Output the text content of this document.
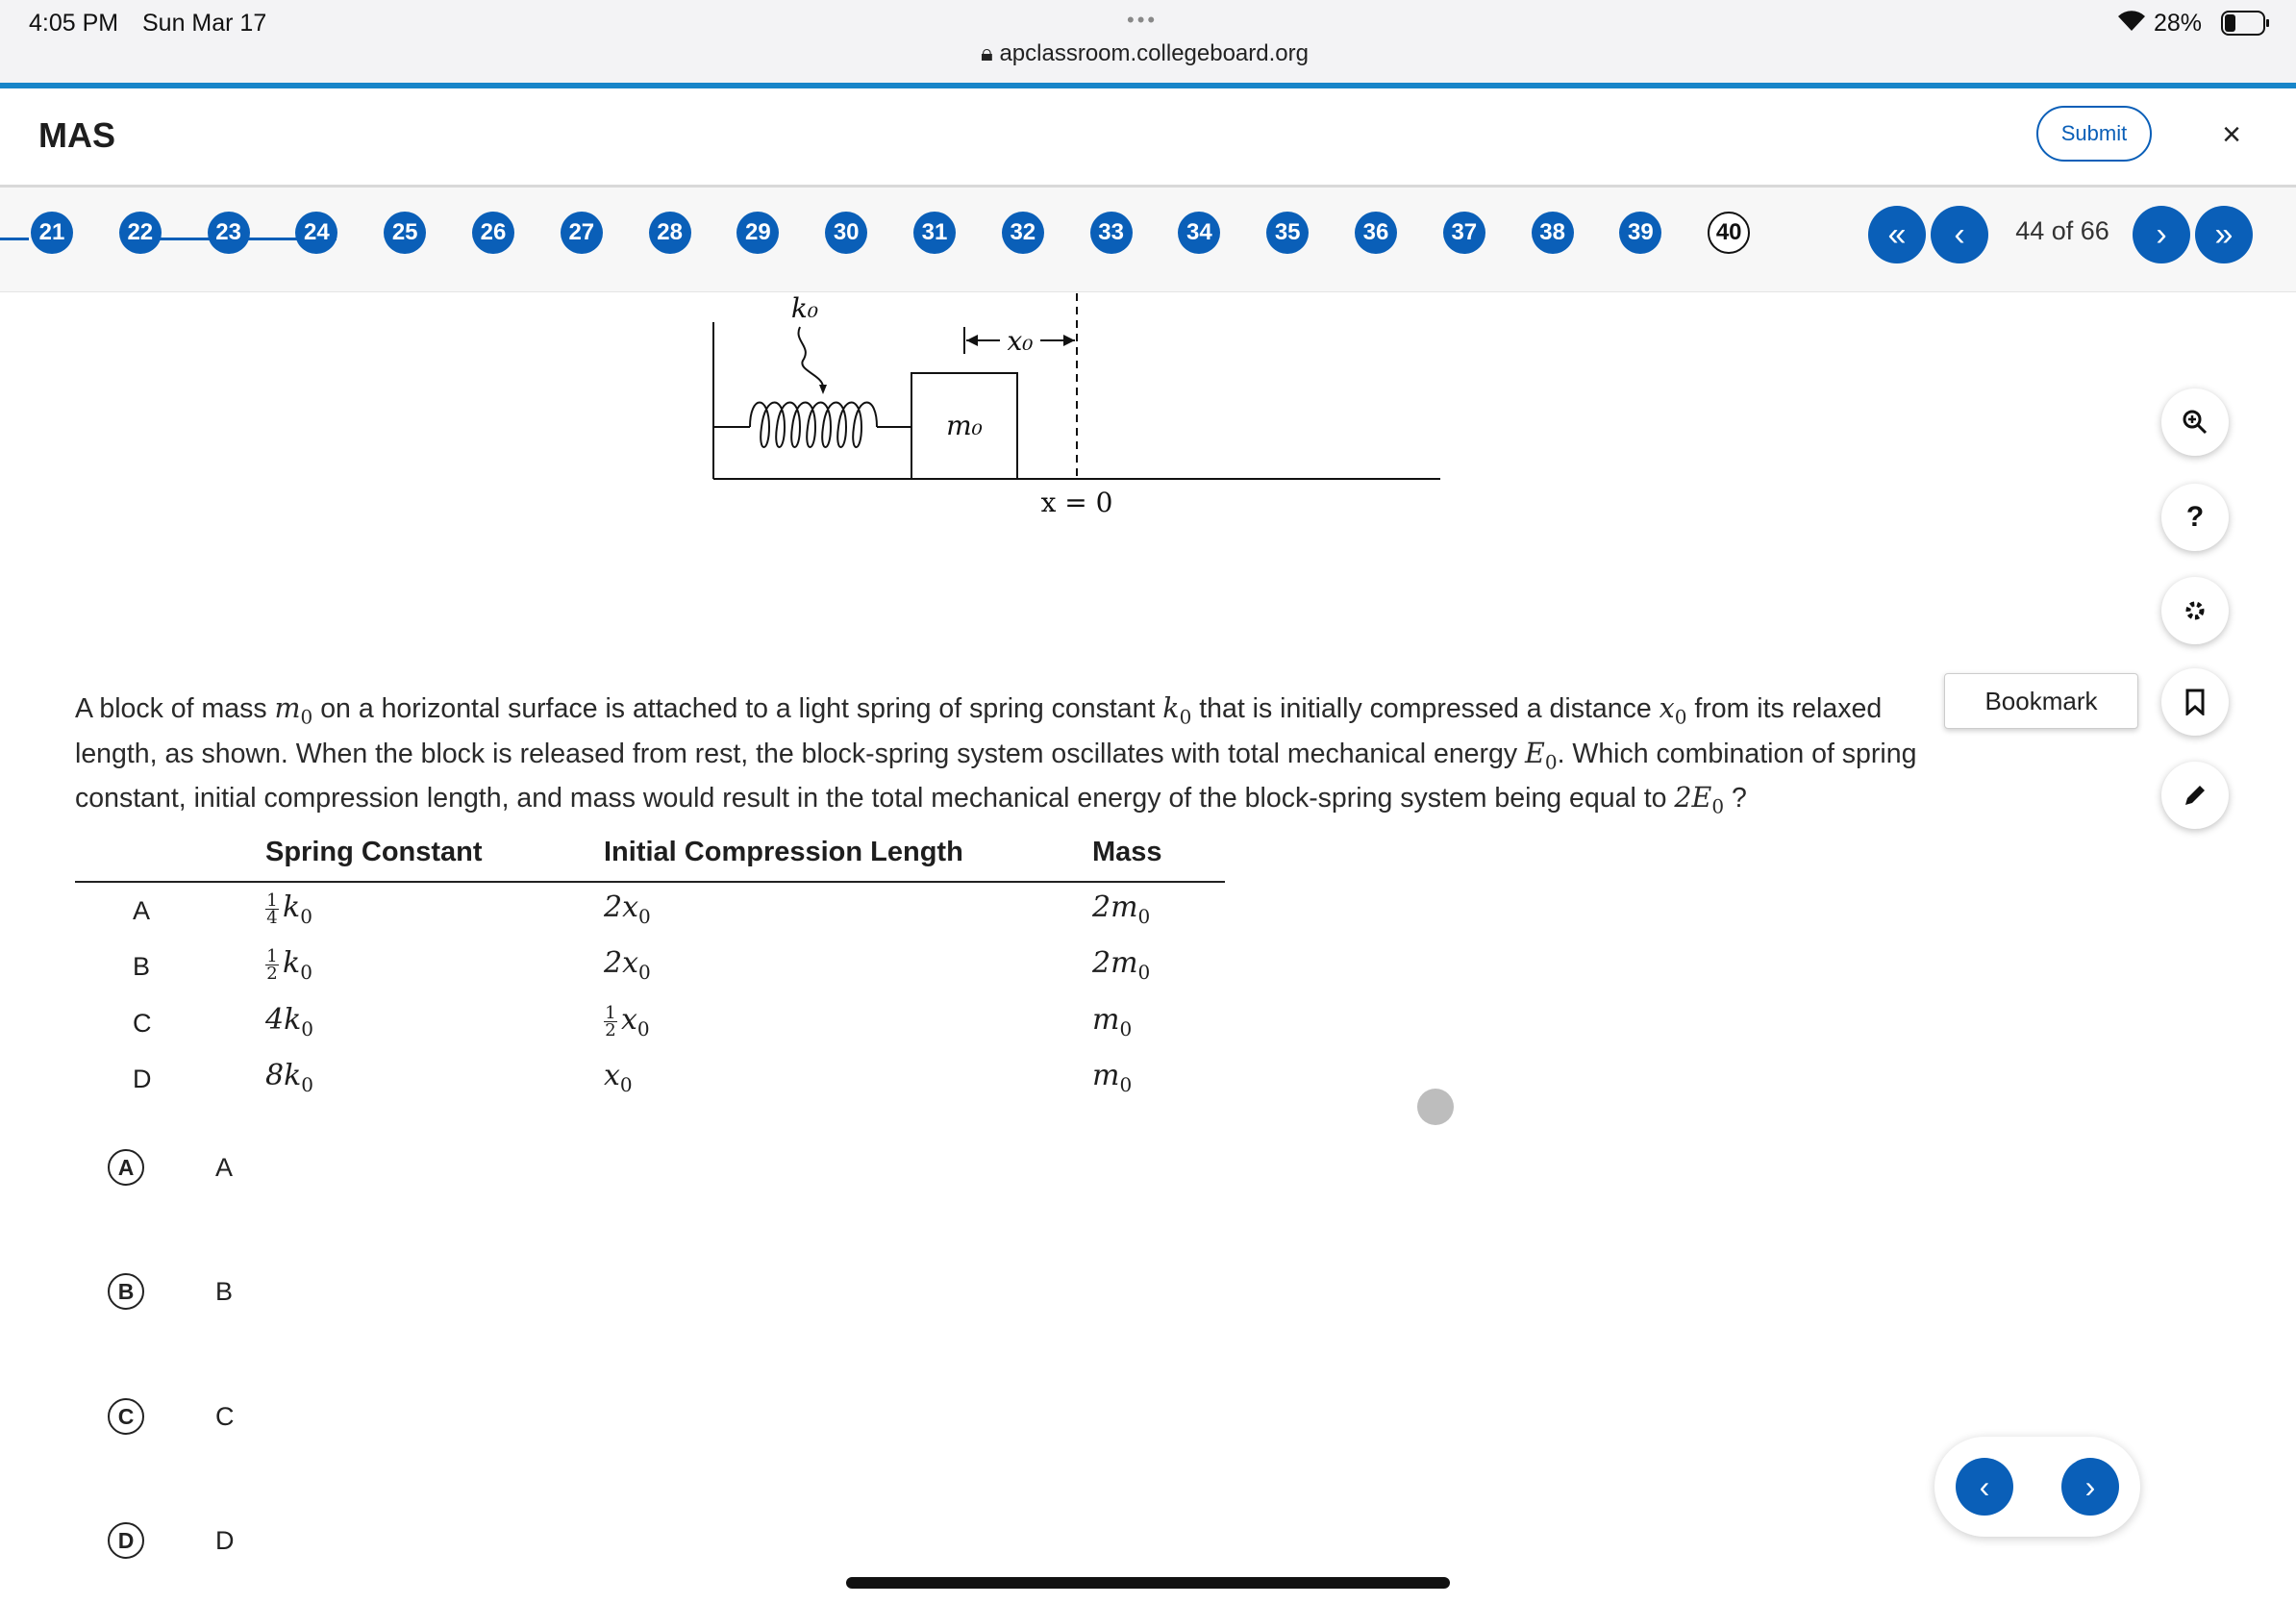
4:05 PM Sun Mar 17	•••
🔒︎ apclassroom.collegeboard.org
28%
MAS	Submit	×
21	22	23	24	25	26	27	28	29	30	31	32	33	34	35	36	37	38	39	40	«	‹	44 of 66	›	»
m₀
k₀
x₀
x = 0
A block of mass $m_0$ on a horizontal surface is attached to a light spring of spring constant $k_0$ that is initially compressed a distance $x_0$ from its relaxed length, as shown. When the block is released from rest, the block-spring system oscillates with total mechanical energy $E_0$. Which combination of spring constant, initial compression length, and mass would result in the total mechanical energy of the block-spring system being equal to $2E_0$ ?
Spring Constant	Initial Compression Length	Mass
A	$\frac{1}{4} k_0$	$2x_0$	$2m_0$
B	$\frac{1}{2} k_0$	$2x_0$	$2m_0$
C	$4k_0$	$\frac{1}{2} x_0$	$m_0$
D	$8k_0$	$x_0$	$m_0$
A	A
B	B
C	C
D	D
?
Bookmark
‹	›
